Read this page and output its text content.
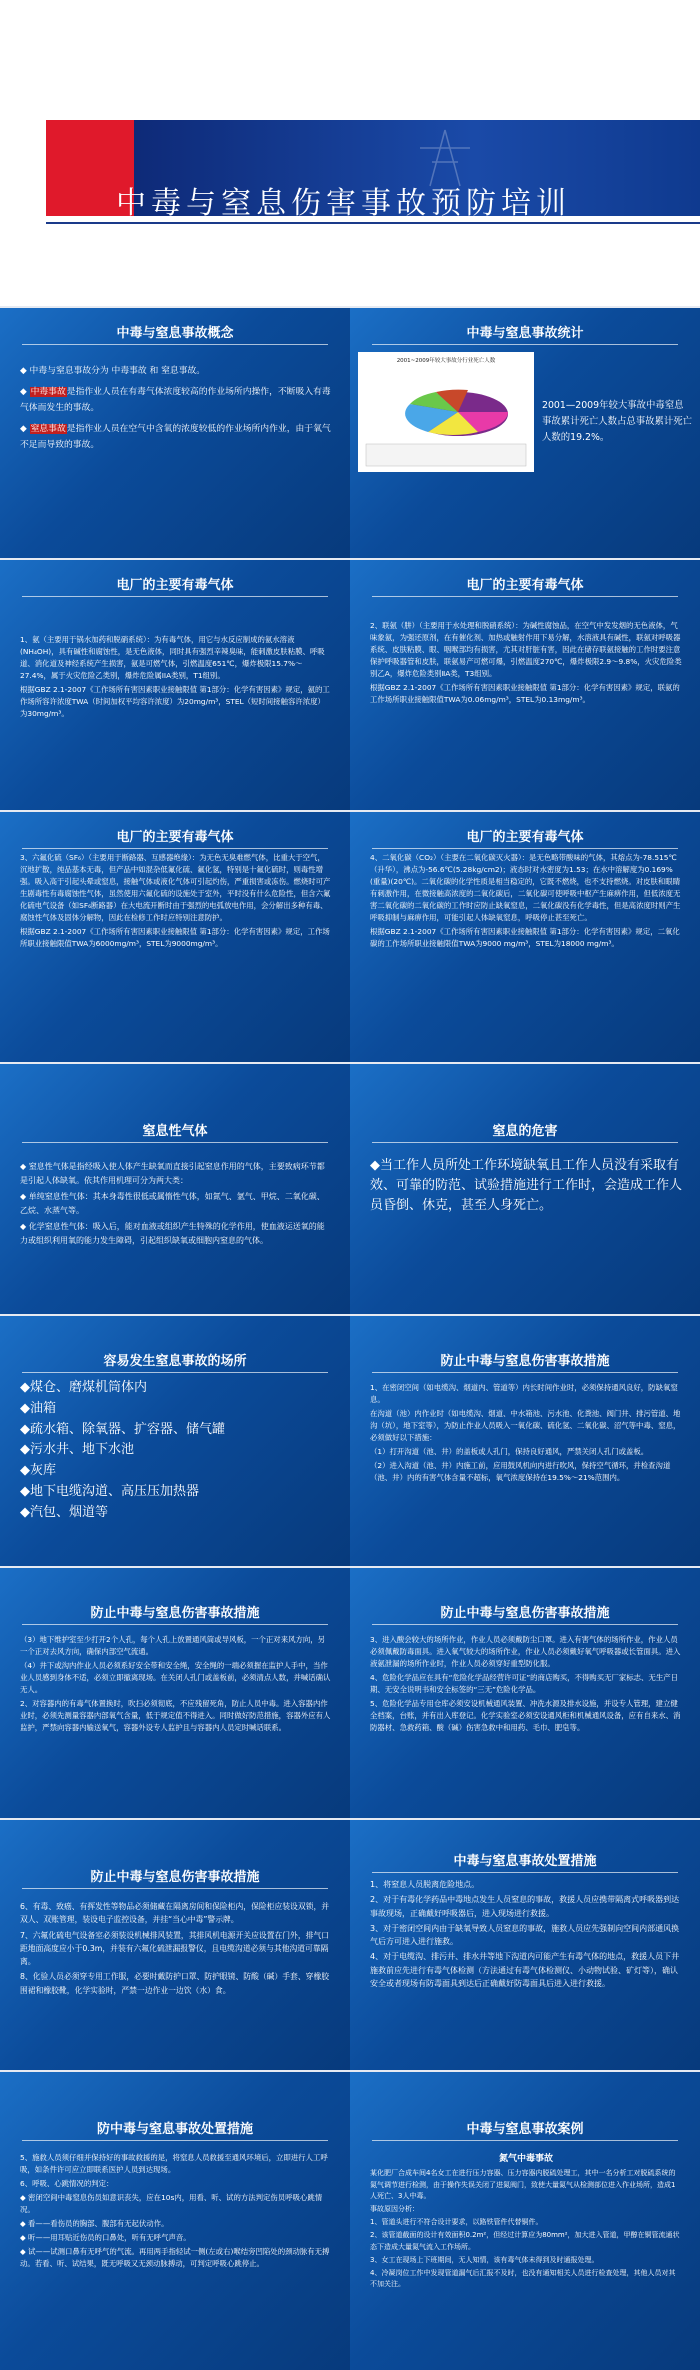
中毒与窒息伤害事故预防培训
中毒与窒息事故概念

◆ 中毒与窒息事故分为 中毒事故 和 窒息事故。

◆ 中毒事故是指作业人员在有毒气体浓度较高的作业场所内操作，不断吸入有毒气体而发生的事故。

◆ 窒息事故是指作业人员在空气中含氧的浓度较低的作业场所内作业，由于氧气不足而导致的事故。

中毒与窒息事故统计
2001~2009年较大事故分行业死亡人数
2001—2009年较大事故中毒窒息事故累计死亡人数占总事故累计死亡人数的19.2%。
电厂的主要有毒气体

1、氨（主要用于锅水加药和脱硝系统）：为有毒气体，用它与水反应制成的氨水溶液(NH₄OH)，具有碱性和腐蚀性，是无色液体，同时具有强烈辛辣臭味，能刺激皮肤粘膜、呼吸道、消化道及神经系统产生损害，氨是可燃气体，引燃温度651℃，爆炸极限15.7%～27.4%，属于火灾危险乙类别，爆炸危险属IIA类别，T1组别。

根据GBZ 2.1-2007《工作场所有害因素职业接触限值 第1部分：化学有害因素》规定，氨的工作场所容许浓度TWA（时间加权平均容许浓度）为20mg/m³，STEL（短时间接触容许浓度）为30mg/m³。

电厂的主要有毒气体

2、联氨（肼）（主要用于水处理和脱硝系统）：为碱性腐蚀品，在空气中发发烟的无色液体，气味象氨，为强还原剂，在有催化剂、加热或触射作用下易分解，水溶液具有碱性，联氨对呼吸器系统、皮肤粘膜、眼、咽喉部均有损害，尤其对肝脏有害，因此在储存联氨接触的工作时要注意保护呼吸器管和皮肤，联氨易产可燃可爆，引燃温度270℃，爆炸极限2.9～9.8%，火灾危险类别乙A，爆炸危险类别ⅡA类，T3组别。

根据GBZ 2.1-2007《工作场所有害因素职业接触限值 第1部分：化学有害因素》规定，联氨的工作场所职业接触限值TWA为0.06mg/m³，STEL为0.13mg/m³。

电厂的主要有毒气体

3、六氟化硫（SF₆）（主要用于断路器、互感器绝缘）：为无色无臭难燃气体，比重大于空气，沉地扩散，纯品基本无毒，但产品中如混杂低氟化硫、氟化氢，特别是十氟化硫时，则毒性增强。吸入高于引起头晕或窒息，接触气体或液化气体可引起灼伤，严重损害或冻伤。燃烧时可产生剧毒性有毒腐蚀性气体，虽然使用六氟化硫的设施处于室外，平时没有什么危险性，但含六氟化硫电气设备（如SF₆断路器）在大电流开断时由于强烈的电弧放电作用，会分解出多种有毒、腐蚀性气体及固体分解物，因此在检修工作时应特别注意防护。

根据GBZ 2.1-2007《工作场所有害因素职业接触限值 第1部分：化学有害因素》规定，工作场所职业接触限值TWA为6000mg/m³，STEL为9000mg/m³。

电厂的主要有毒气体

4、二氧化碳（CO₂）（主要在二氧化碳灭火器）：是无色略带酸味的气体，其熔点为-78.515℃（升华），沸点为-56.6℃(5.28kg/cm2)；液态时对水密度为1.53；在水中溶解度为0.169%(重量)(20℃)。二氧化碳的化学性质是相当稳定的，它既不燃烧，也不支持燃烧。对皮肤和眼睛有刺激作用，在微接触高浓度的二氧化碳后，二氧化碳可使呼吸中枢产生麻痹作用，但低浓度无害二氧化碳的二氧化碳的工作时应防止缺氧窒息，二氧化碳没有化学毒性，但是高浓度时则产生呼吸抑制与麻痹作用，可能引起人体缺氧窒息，呼吸停止甚至死亡。

根据GBZ 2.1-2007《工作场所有害因素职业接触限值 第1部分：化学有害因素》规定，二氧化碳的工作场所职业接触限值TWA为9000 mg/m³，STEL为18000 mg/m³。

窒息性气体

◆ 窒息性气体是指经吸入使人体产生缺氧而直接引起窒息作用的气体，主要致病环节都是引起人体缺氧。依其作用机理可分为两大类：

◆ 单纯窒息性气体：其本身毒性很低或属惰性气体，如氮气、氩气、甲烷、二氧化碳、乙烷、水蒸气等。

◆ 化学窒息性气体：吸入后，能对血液或组织产生特殊的化学作用，使血液运送氧的能力或组织利用氧的能力发生障碍，引起组织缺氧或细胞内窒息的气体。

窒息的危害
◆当工作人员所处工作环境缺氧且工作人员没有采取有效、可靠的防范、试验措施进行工作时，会造成工作人员昏倒、休克，甚至人身死亡。
容易发生窒息事故的场所
◆煤仓、磨煤机筒体内
◆油箱
◆疏水箱、除氧器、扩容器、储气罐
◆污水井、地下水池
◆灰库
◆地下电缆沟道、高压压加热器
◆汽包、烟道等
防止中毒与窒息伤害事故措施

1、在密闭空间（如电缆沟、烟道内、管道等）内长时间作业时，必须保持通风良好，防缺氧窒息。

在沟道（池）内作业时（如电缆沟、烟道、中水箱池、污水池、化粪池、阀门井、排污管道、地沟（坑），地下室等），为防止作业人员吸入一氧化碳、硫化氢、二氧化碳、沼气等中毒、窒息，必须做好以下措施：

（1）打开沟道（池、井）的盖板或人孔门，保持良好通风，严禁关闭人孔门或盖板。

（2）进入沟道（池、井）内施工前，应用鼓风机向内进行吹风，保持空气循环，并检查沟道（池、井）内的有害气体含量不超标，氧气浓度保持在19.5%～21%范围内。

防止中毒与窒息伤害事故措施

（3）地下维护室至少打开2个人孔，每个人孔上放置通风筒或导风板，一个正对来风方向，另一个正对去风方向，确保内部空气流通。

（4）井下或沟内作业人员必须系好安全带和安全绳，安全绳的一端必须握在监护人手中，当作业人员感到身体不适，必须立即撤离现场。在关闭人孔门或盖板前，必须清点人数，并喊话确认无人。

2、对容器内的有毒气体置换时，吹扫必须彻底，不应残留死角，防止人员中毒。进入容器内作业时，必须先测量容器内部氧气含量，低于规定值不得进入。同时做好防范措施，容器外应有人监护，严禁向容器内输送氧气，容器外设专人监护且与容器内人员定时喊话联系。

防止中毒与窒息伤害事故措施

3、进入酸会较大的场所作业，作业人员必须戴防尘口罩。进入有害气体的场所作业，作业人员必须佩戴防毒面具。进入氧气较大的场所作业，作业人员必须戴好氧气呼吸器或长管面具。进入液氨泄漏的场所作业时，作业人员必须穿好重型防化服。

4、危险化学品应在具有“危险化学品经营许可证”的商店购买，不得购买无厂家标志、无生产日期、无安全说明书和安全标签的“三无”危险化学品。

5、危险化学品专用仓库必须安设机械通风装置、冲洗水源及排水设施，并设专人管理，建立健全档案，台账，并有出入库登记。化学实验室必须安设通风柜和机械通风设备，应有自来水、消防器材、急救药箱、酸（碱）伤害急救中和用药、毛巾、肥皂等。

防止中毒与窒息伤害事故措施

6、有毒、致癌、有挥发性等物品必须储藏在隔离房间和保险柜内，保险柜应装设双锁，并双人、双账管理，装设电子监控设备，并挂“当心中毒”警示牌。

7、六氟化硫电气设备室必须装设机械排风装置，其排风机电源开关应设置在门外，排气口距地面高度应小于0.3m，并装有六氟化硫泄漏报警仪，且电缆沟道必须与其他沟道可靠隔离。

8、化验人员必须穿专用工作服，必要时戴防护口罩、防护眼镜、防酸（碱）手套、穿橡胶围裙和橡胶靴，化学实验时，严禁一边作业一边饮（水）食。

中毒与窒息事故处置措施

1、将窒息人员脱离危险地点。

2、对于有毒化学药品中毒地点发生人员窒息的事故，救援人员应携带隔离式呼吸器到达事故现场，正确戴好呼吸器后，进入现场进行救援。

3、对于密闭空间内由于缺氧导致人员窒息的事故，施救人员应先强制向空间内部通风换气后方可进入进行施救。

4、对于电缆沟、排污井、排水井等地下沟道内可能产生有毒气体的地点，救援人员下井施救前应先进行有毒气体检测（方法通过有毒气体检测仪、小动物试验、矿灯等），确认安全或者现场有防毒面具到达后正确戴好防毒面具后进入进行救援。

防中毒与窒息事故处置措施

5、施救人员须仔细并保持好的事故救援的是，将窒息人员救援至通风环境后，立即进行人工呼吸，如条件许可应立即联系医护人员到达现场。

6、呼吸、心跳情况的判定：

◆ 密闭空间中毒窒息伤员如意识丧失，应在10s内，用看、听、试的方法判定伤员呼吸心跳情况。

◆ 看——看伤员的胸部、腹部有无起伏动作。

◆ 听——用耳贴近伤员的口鼻处，听有无呼气声音。

◆ 试——试测口鼻有无呼气的气流。再用两手指轻试一侧(左或右)喉结旁凹陷处的颈动脉有无搏动。若看、听、试结果，既无呼吸又无颈动脉搏动，可判定呼吸心跳停止。

中毒与窒息事故案例

氮气中毒事故

某化肥厂合成车间4名女工在进行压力容器、压力容器内脱硫处理工，其中一名分析工对脱硫系统的氮气调节进行检测，由于操作失误关闭了进氮阀门，致使大量氮气从检测部位进入作业场所，造成1人死亡、3人中毒。

事故原因分析：

1、管道头进行不符合设计要求，以路铁管件代替铜件。

2、该管道截面的设计有效面积0.2m²，但经过计算应为80mm²，加大进入管道，甲醇在铜管流通状态下造成大量氮气流入工作场所。

3、女工在现场上下班期间，无人知情，该有毒气体未得到及时通报处理。

4、冷凝岗位工作中发现管道漏气后汇报不及时，也没有通知相关人员进行检查处理，其他人员对其不加关注。
